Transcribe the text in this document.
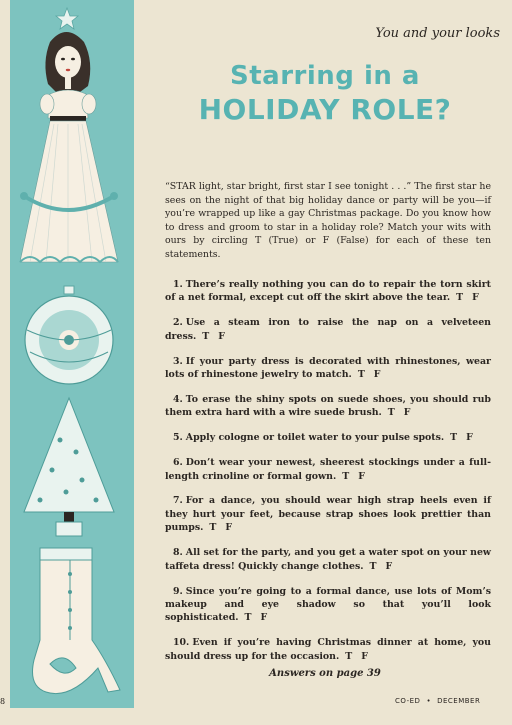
You and your looks

Starring in a
HOLIDAY ROLE?

“STAR light, star bright, first star I see tonight . . .” The first star he sees on the night of that big holiday dance or party will be you—if you’re wrapped up like a gay Christmas package. Do you know how to dress and groom to star in a holiday role? Match your wits with ours by circling T (True) or F (False) for each of these ten statements.

1. There’s really nothing you can do to repair the torn skirt of a net formal, except cut off the skirt above the tear. T F
2. Use a steam iron to raise the nap on a velveteen dress. T F
3. If your party dress is decorated with rhinestones, wear lots of rhinestone jewelry to match. T F
4. To erase the shiny spots on suede shoes, you should rub them extra hard with a wire suede brush. T F
5. Apply cologne or toilet water to your pulse spots. T F
6. Don’t wear your newest, sheerest stockings under a full-length crinoline or formal gown. T F
7. For a dance, you should wear high strap heels even if they hurt your feet, because strap shoes look prettier than pumps. T F
8. All set for the party, and you get a water spot on your new taffeta dress! Quickly change clothes. T F
9. Since you’re going to a formal dance, use lots of Mom’s makeup and eye shadow so that you’ll look sophisticated. T F
10. Even if you’re having Christmas dinner at home, you should dress up for the occasion. T F

Answers on page 39

8	CO-ED • DECEMBER
